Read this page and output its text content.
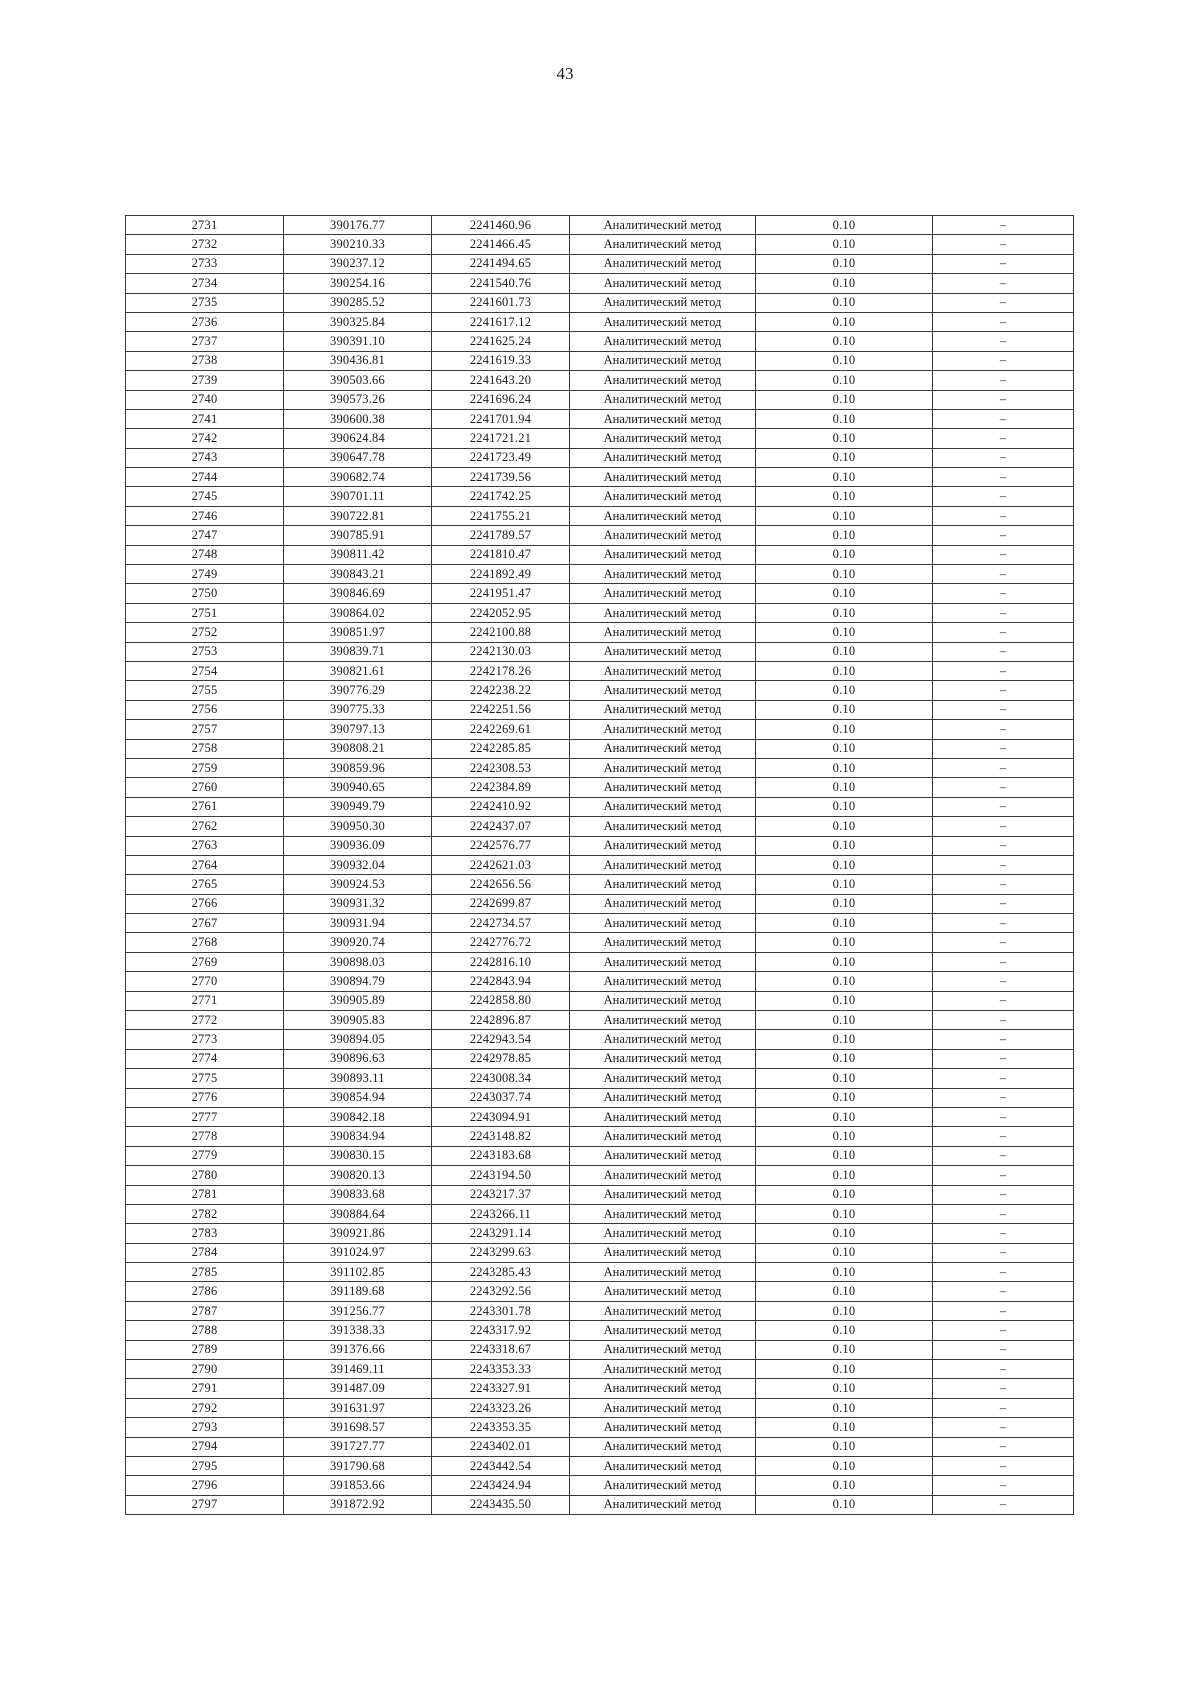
43
2731	390176.77	2241460.96	Аналитический метод	0.10	–
2732	390210.33	2241466.45	Аналитический метод	0.10	–
2733	390237.12	2241494.65	Аналитический метод	0.10	–
2734	390254.16	2241540.76	Аналитический метод	0.10	–
2735	390285.52	2241601.73	Аналитический метод	0.10	–
2736	390325.84	2241617.12	Аналитический метод	0.10	–
2737	390391.10	2241625.24	Аналитический метод	0.10	–
2738	390436.81	2241619.33	Аналитический метод	0.10	–
2739	390503.66	2241643.20	Аналитический метод	0.10	–
2740	390573.26	2241696.24	Аналитический метод	0.10	–
2741	390600.38	2241701.94	Аналитический метод	0.10	–
2742	390624.84	2241721.21	Аналитический метод	0.10	–
2743	390647.78	2241723.49	Аналитический метод	0.10	–
2744	390682.74	2241739.56	Аналитический метод	0.10	–
2745	390701.11	2241742.25	Аналитический метод	0.10	–
2746	390722.81	2241755.21	Аналитический метод	0.10	–
2747	390785.91	2241789.57	Аналитический метод	0.10	–
2748	390811.42	2241810.47	Аналитический метод	0.10	–
2749	390843.21	2241892.49	Аналитический метод	0.10	–
2750	390846.69	2241951.47	Аналитический метод	0.10	–
2751	390864.02	2242052.95	Аналитический метод	0.10	–
2752	390851.97	2242100.88	Аналитический метод	0.10	–
2753	390839.71	2242130.03	Аналитический метод	0.10	–
2754	390821.61	2242178.26	Аналитический метод	0.10	–
2755	390776.29	2242238.22	Аналитический метод	0.10	–
2756	390775.33	2242251.56	Аналитический метод	0.10	–
2757	390797.13	2242269.61	Аналитический метод	0.10	–
2758	390808.21	2242285.85	Аналитический метод	0.10	–
2759	390859.96	2242308.53	Аналитический метод	0.10	–
2760	390940.65	2242384.89	Аналитический метод	0.10	–
2761	390949.79	2242410.92	Аналитический метод	0.10	–
2762	390950.30	2242437.07	Аналитический метод	0.10	–
2763	390936.09	2242576.77	Аналитический метод	0.10	–
2764	390932.04	2242621.03	Аналитический метод	0.10	–
2765	390924.53	2242656.56	Аналитический метод	0.10	–
2766	390931.32	2242699.87	Аналитический метод	0.10	–
2767	390931.94	2242734.57	Аналитический метод	0.10	–
2768	390920.74	2242776.72	Аналитический метод	0.10	–
2769	390898.03	2242816.10	Аналитический метод	0.10	–
2770	390894.79	2242843.94	Аналитический метод	0.10	–
2771	390905.89	2242858.80	Аналитический метод	0.10	–
2772	390905.83	2242896.87	Аналитический метод	0.10	–
2773	390894.05	2242943.54	Аналитический метод	0.10	–
2774	390896.63	2242978.85	Аналитический метод	0.10	–
2775	390893.11	2243008.34	Аналитический метод	0.10	–
2776	390854.94	2243037.74	Аналитический метод	0.10	–
2777	390842.18	2243094.91	Аналитический метод	0.10	–
2778	390834.94	2243148.82	Аналитический метод	0.10	–
2779	390830.15	2243183.68	Аналитический метод	0.10	–
2780	390820.13	2243194.50	Аналитический метод	0.10	–
2781	390833.68	2243217.37	Аналитический метод	0.10	–
2782	390884.64	2243266.11	Аналитический метод	0.10	–
2783	390921.86	2243291.14	Аналитический метод	0.10	–
2784	391024.97	2243299.63	Аналитический метод	0.10	–
2785	391102.85	2243285.43	Аналитический метод	0.10	–
2786	391189.68	2243292.56	Аналитический метод	0.10	–
2787	391256.77	2243301.78	Аналитический метод	0.10	–
2788	391338.33	2243317.92	Аналитический метод	0.10	–
2789	391376.66	2243318.67	Аналитический метод	0.10	–
2790	391469.11	2243353.33	Аналитический метод	0.10	–
2791	391487.09	2243327.91	Аналитический метод	0.10	–
2792	391631.97	2243323.26	Аналитический метод	0.10	–
2793	391698.57	2243353.35	Аналитический метод	0.10	–
2794	391727.77	2243402.01	Аналитический метод	0.10	–
2795	391790.68	2243442.54	Аналитический метод	0.10	–
2796	391853.66	2243424.94	Аналитический метод	0.10	–
2797	391872.92	2243435.50	Аналитический метод	0.10	–
